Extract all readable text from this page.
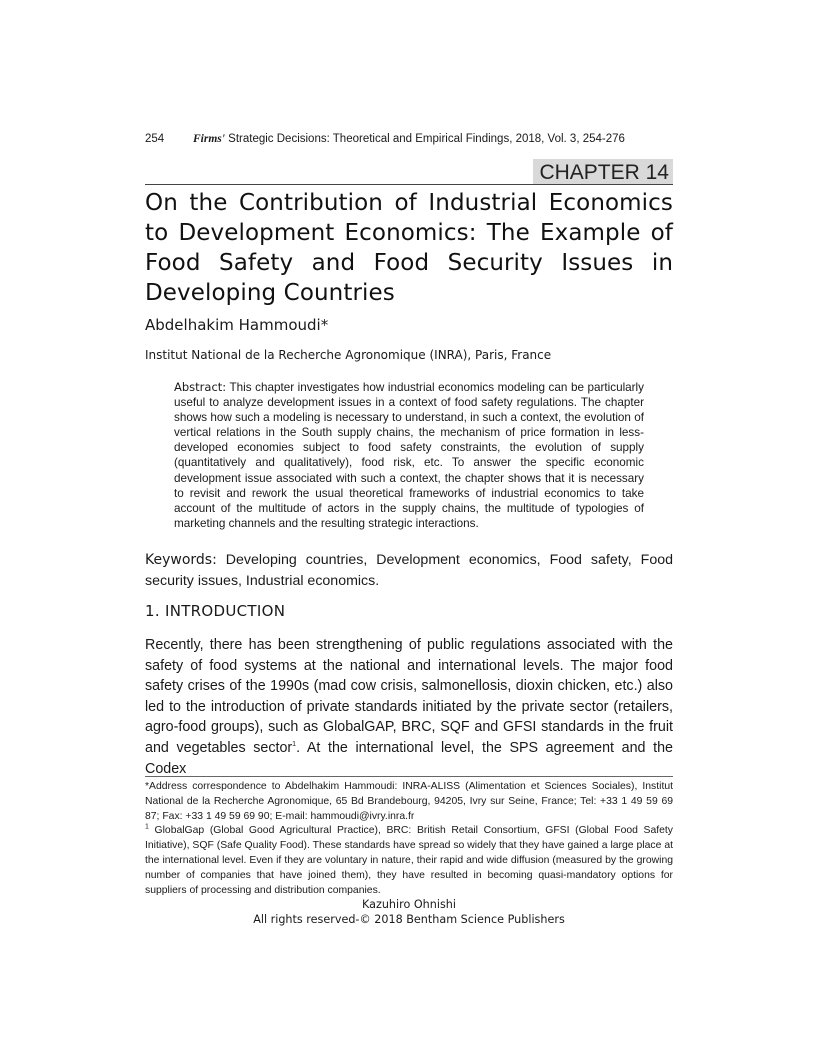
254	Firms' Strategic Decisions: Theoretical and Empirical Findings, 2018, Vol. 3, 254-276
CHAPTER 14
On the Contribution of Industrial Economics to Development Economics: The Example of Food Safety and Food Security Issues in Developing Countries
Abdelhakim Hammoudi*
Institut National de la Recherche Agronomique (INRA), Paris, France

Abstract: This chapter investigates how industrial economics modeling can be particularly useful to analyze development issues in a context of food safety regulations. The chapter shows how such a modeling is necessary to understand, in such a context, the evolution of vertical relations in the South supply chains, the mechanism of price formation in less-developed economies subject to food safety constraints, the evolution of supply (quantitatively and qualitatively), food risk, etc. To answer the specific economic development issue associated with such a context, the chapter shows that it is necessary to revisit and rework the usual theoretical frameworks of industrial economics to take account of the multitude of actors in the supply chains, the multitude of typologies of marketing channels and the resulting strategic interactions.

Keywords: Developing countries, Development economics, Food safety, Food security issues, Industrial economics.

1. INTRODUCTION

Recently, there has been strengthening of public regulations associated with the safety of food systems at the national and international levels. The major food safety crises of the 1990s (mad cow crisis, salmonellosis, dioxin chicken, etc.) also led to the introduction of private standards initiated by the private sector (retailers, agro-food groups), such as GlobalGAP, BRC, SQF and GFSI standards in the fruit and vegetables sector$^1$. At the international level, the SPS agreement and the Codex

*Address correspondence to Abdelhakim Hammoudi: INRA-ALISS (Alimentation et Sciences Sociales), Institut National de la Recherche Agronomique, 65 Bd Brandebourg, 94205, Ivry sur Seine, France; Tel: +33 1 49 59 69 87; Fax: +33 1 49 59 69 90; E-mail: hammoudi@ivry.inra.fr

$^1$ GlobalGap (Global Good Agricultural Practice), BRC: British Retail Consortium, GFSI (Global Food Safety Initiative), SQF (Safe Quality Food). These standards have spread so widely that they have gained a large place at the international level. Even if they are voluntary in nature, their rapid and wide diffusion (measured by the growing number of companies that have joined them), they have resulted in becoming quasi-mandatory options for suppliers of processing and distribution companies.

Kazuhiro Ohnishi
All rights reserved-© 2018 Bentham Science Publishers
